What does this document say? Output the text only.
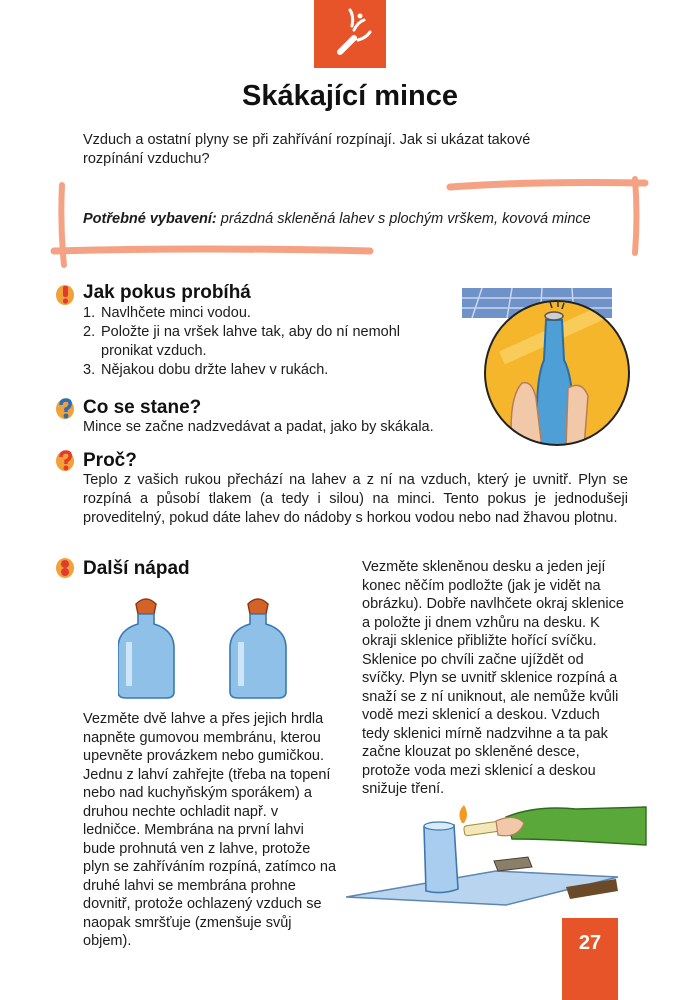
Skákající mince
Vzduch a ostatní plyny se při zahřívání rozpínají. Jak si ukázat takové rozpínání vzduchu?
Potřebné vybavení: prázdná skleněná lahev s plochým vrškem, kovová mince
Jak pokus probíhá
1. Navlhčete minci vodou.
2. Položte ji na vršek lahve tak, aby do ní nemohl pronikat vzduch.
3. Nějakou dobu držte lahev v rukách.
Co se stane?

Mince se začne nadzvedávat a padat, jako by skákala.

Proč?

Teplo z vašich rukou přechází na lahev a z ní na vzduch, který je uvnitř. Plyn se rozpíná a působí tlakem (a tedy i silou) na minci. Tento pokus je jednodušeji proveditelný, pokud dáte lahev do nádoby s horkou vodou nebo nad žhavou plotnu.

Další nápad
Vezměte dvě lahve a přes jejich hrdla napněte gumovou membránu, kterou upevněte provázkem nebo gumičkou. Jednu z lahví zahřejte (třeba na topení nebo nad kuchyňským sporákem) a druhou nechte ochladit např. v ledničce. Membrána na první lahvi bude prohnutá ven z lahve, protože plyn se zahříváním rozpíná, zatímco na druhé lahvi se membrána prohne dovnitř, protože ochlazený vzduch se naopak smršťuje (zmenšuje svůj objem).
Vezměte skleněnou desku a jeden její konec něčím podložte (jak je vidět na obrázku). Dobře navlhčete okraj sklenice a položte ji dnem vzhůru na desku. K okraji sklenice přibližte hořící svíčku. Sklenice po chvíli začne ujíždět od svíčky. Plyn se uvnitř sklenice rozpíná a snaží se z ní uniknout, ale nemůže kvůli vodě mezi sklenicí a deskou. Vzduch tedy sklenici mírně nadzvihne a ta pak začne klouzat po skleněné desce, protože voda mezi sklenicí a deskou snižuje tření.
27
